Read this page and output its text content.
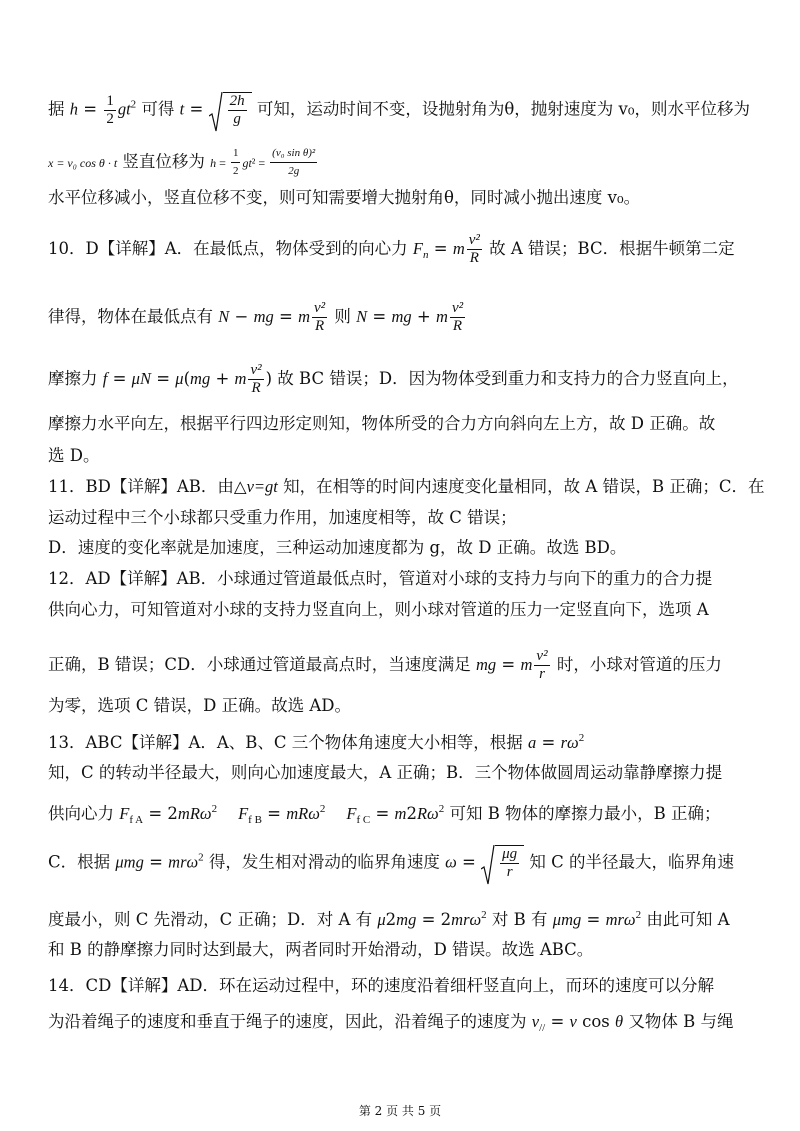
据 $h = \frac{1}{2} gt^2$ 可得 $t = \frac{2h}{g}$ 可知，运动时间不变，设抛射角为θ，抛射速度为 v₀，则水平位移为
x = v₀ cos θ · t 竖直位移为 $h = \frac{1}{2} gt^2 = \frac{\text{(v₀ sin θ)²}}{2g}$
水平位移减小，竖直位移不变，则可知需要增大抛射角θ，同时减小抛出速度 v₀。
10．D【详解】A．在最低点，物体受到的向心力 $F_n = m \frac{\text{v²}}{R}$ 故 A 错误；BC．根据牛顿第二定
律得，物体在最低点有 N − mg = m $\frac{\text{v²}}{R}$ 则 N = mg + m $\frac{\text{v²}}{R}$
摩擦力 f = μN = μ(mg + m $\frac{\text{v²}}{R}$ ) 故 BC 错误；D．因为物体受到重力和支持力的合力竖直向上，
摩擦力水平向左，根据平行四边形定则知，物体所受的合力方向斜向左上方，故 D 正确。故
选 D。
11．BD【详解】AB．由△v=gt 知，在相等的时间内速度变化量相同，故 A 错误，B 正确；C．在
运动过程中三个小球都只受重力作用，加速度相等，故 C 错误；
D．速度的变化率就是加速度，三种运动加速度都为 g，故 D 正确。故选 BD。
12．AD【详解】AB．小球通过管道最低点时，管道对小球的支持力与向下的重力的合力提
供向心力，可知管道对小球的支持力竖直向上，则小球对管道的压力一定竖直向下，选项 A
正确，B 错误；CD．小球通过管道最高点时，当速度满足 mg = m $\frac{\text{v²}}{r}$ 时，小球对管道的压力
为零，选项 C 错误，D 正确。故选 AD。
13．ABC【详解】A．A、B、C 三个物体角速度大小相等，根据 $a = r\omega^2$
知，C 的转动半径最大，则向心加速度最大，A 正确；B．三个物体做圆周运动靠静摩擦力提
供向心力 $F_{f A} = 2mR\omega^2$ $F_{f B} = mR\omega^2$ $F_{f C} = m2R\omega^2$ 可知 B 物体的摩擦力最小，B 正确；
C．根据 μmg = mrω$^2$ 得，发生相对滑动的临界角速度 $\omega = \frac{\mu g}{r}$ 知 C 的半径最大，临界角速
度最小，则 C 先滑动，C 正确；D．对 A 有 μ2mg = 2mrω$^2$ 对 B 有 μmg = mrω$^2$ 由此可知 A
和 B 的静摩擦力同时达到最大，两者同时开始滑动，D 错误。故选 ABC。
14．CD【详解】AD．环在运动过程中，环的速度沿着细杆竖直向上，而环的速度可以分解
为沿着绳子的速度和垂直于绳子的速度，因此，沿着绳子的速度为 $v_{//} = v$ cos θ 又物体 B 与绳
第 2 页 共 5 页
